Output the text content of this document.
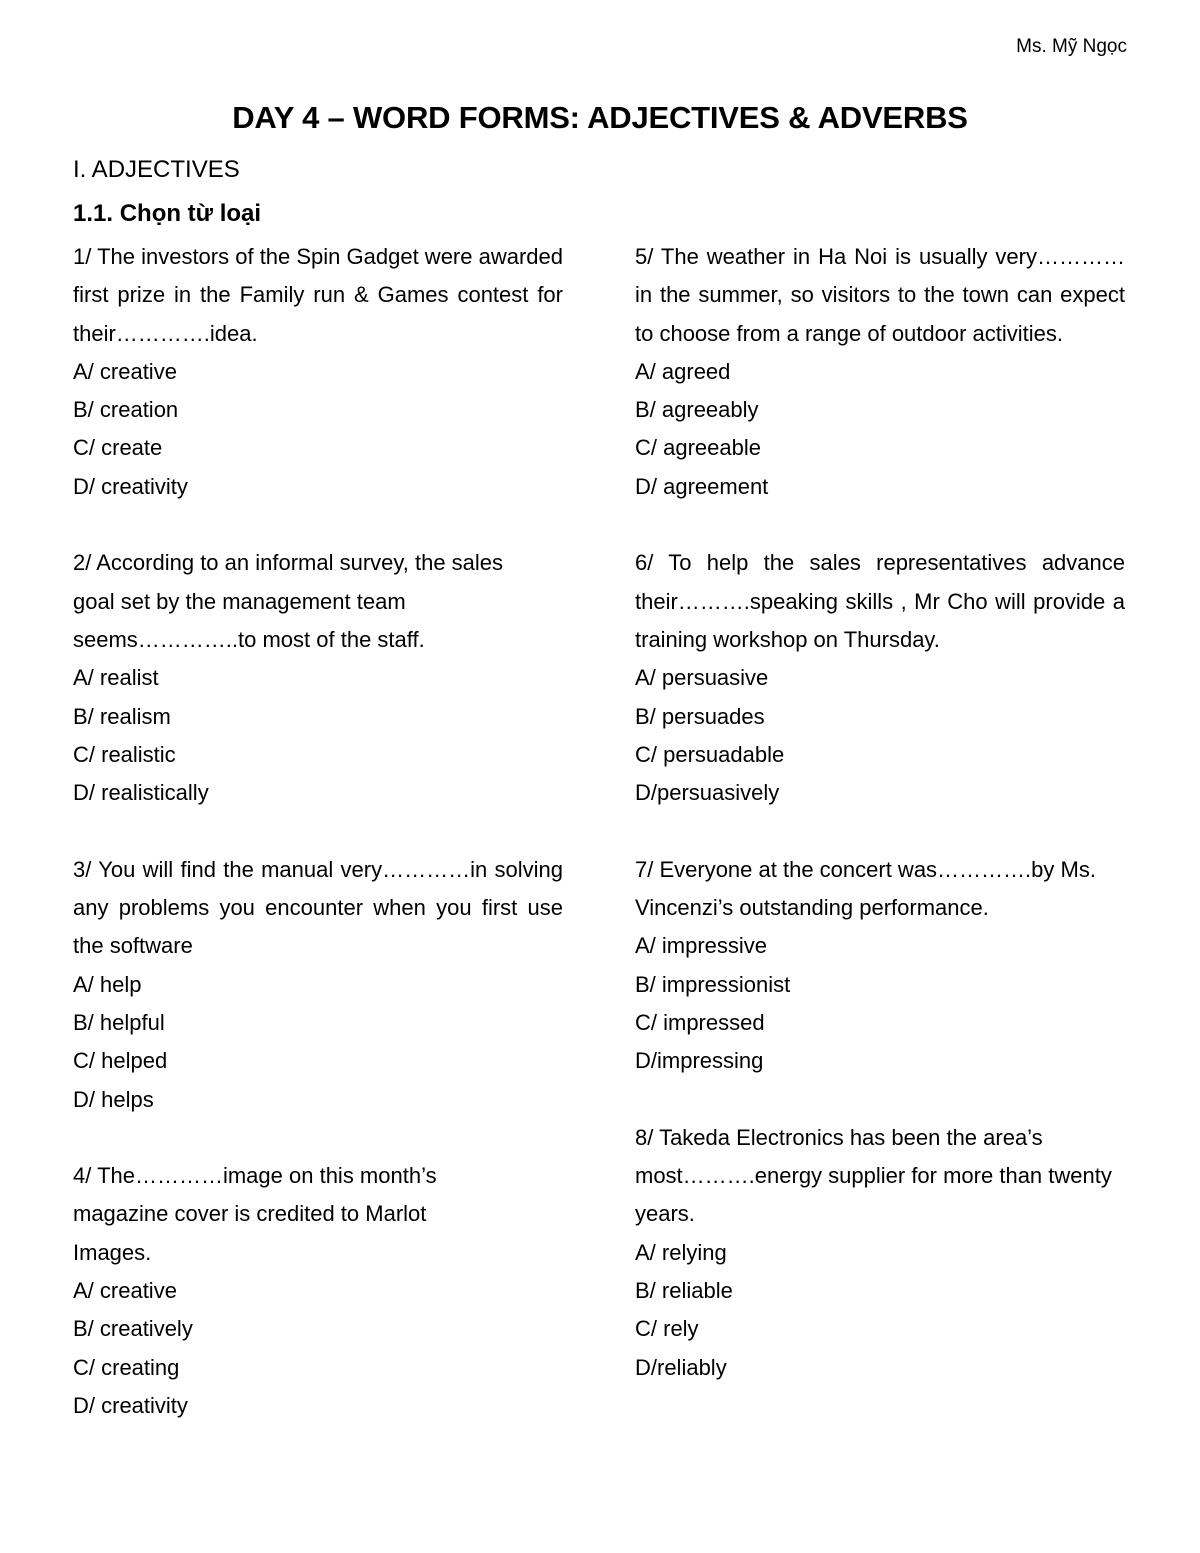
Ms. Mỹ Ngọc
DAY 4 – WORD FORMS: ADJECTIVES & ADVERBS
I. ADJECTIVES
1.1. Chọn từ loại
1/ The investors of the Spin Gadget were awarded first prize in the Family run & Games contest for their………….idea.
A/ creative
B/ creation
C/ create
D/ creativity
2/ According to an informal survey, the sales goal set by the management team seems…………..to most of the staff.
A/ realist
B/ realism
C/ realistic
D/ realistically
3/ You will find the manual very…………in solving any problems you encounter when you first use the software
A/ help
B/ helpful
C/ helped
D/ helps
4/ The…………image on this month’s magazine cover is credited to Marlot Images.
A/ creative
B/ creatively
C/ creating
D/ creativity
5/ The weather in Ha Noi is usually very…………in the summer, so visitors to the town can expect to choose from a range of outdoor activities.
A/ agreed
B/ agreeably
C/ agreeable
D/ agreement
6/ To help the sales representatives advance their……….speaking skills , Mr Cho will provide a training workshop on Thursday.
A/ persuasive
B/ persuades
C/ persuadable
D/persuasively
7/ Everyone at the concert was………….by Ms. Vincenzi’s outstanding performance.
A/ impressive
B/ impressionist
C/ impressed
D/impressing
8/ Takeda Electronics has been the area’s most……….energy supplier for more than twenty years.
A/ relying
B/ reliable
C/ rely
D/reliably
